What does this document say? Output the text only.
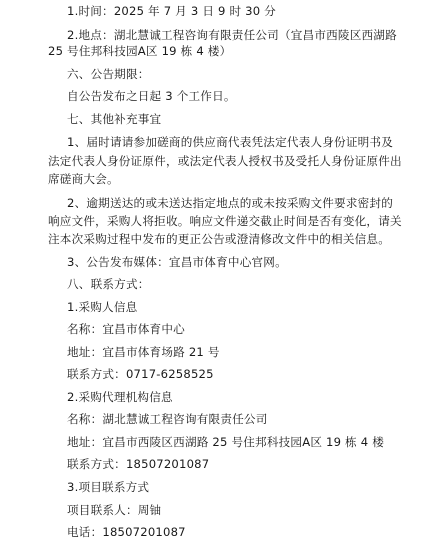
1.时间：2025 年 7 月 3 日 9 时 30 分
2.地点：湖北慧诚工程咨询有限责任公司（宜昌市西陵区西湖路
25 号住邦科技园A区 19 栋 4 楼）
六、公告期限：
自公告发布之日起 3 个工作日。
七、其他补充事宜
1、届时请请参加磋商的供应商代表凭法定代表人身份证明书及
法定代表人身份证原件，或法定代表人授权书及受托人身份证原件出
席磋商大会。
2、逾期送达的或未送达指定地点的或未按采购文件要求密封的
响应文件，采购人将拒收。响应文件递交截止时间是否有变化，请关
注本次采购过程中发布的更正公告或澄清修改文件中的相关信息。
3、公告发布媒体：宜昌市体育中心官网。
八、联系方式：
1.采购人信息
名称：宜昌市体育中心
地址：宜昌市体育场路 21 号
联系方式：0717-6258525
2.采购代理机构信息
名称：湖北慧诚工程咨询有限责任公司
地址：宜昌市西陵区西湖路 25 号住邦科技园A区 19 栋 4 楼
联系方式：18507201087
3.项目联系方式
项目联系人：周铀
电话：18507201087
